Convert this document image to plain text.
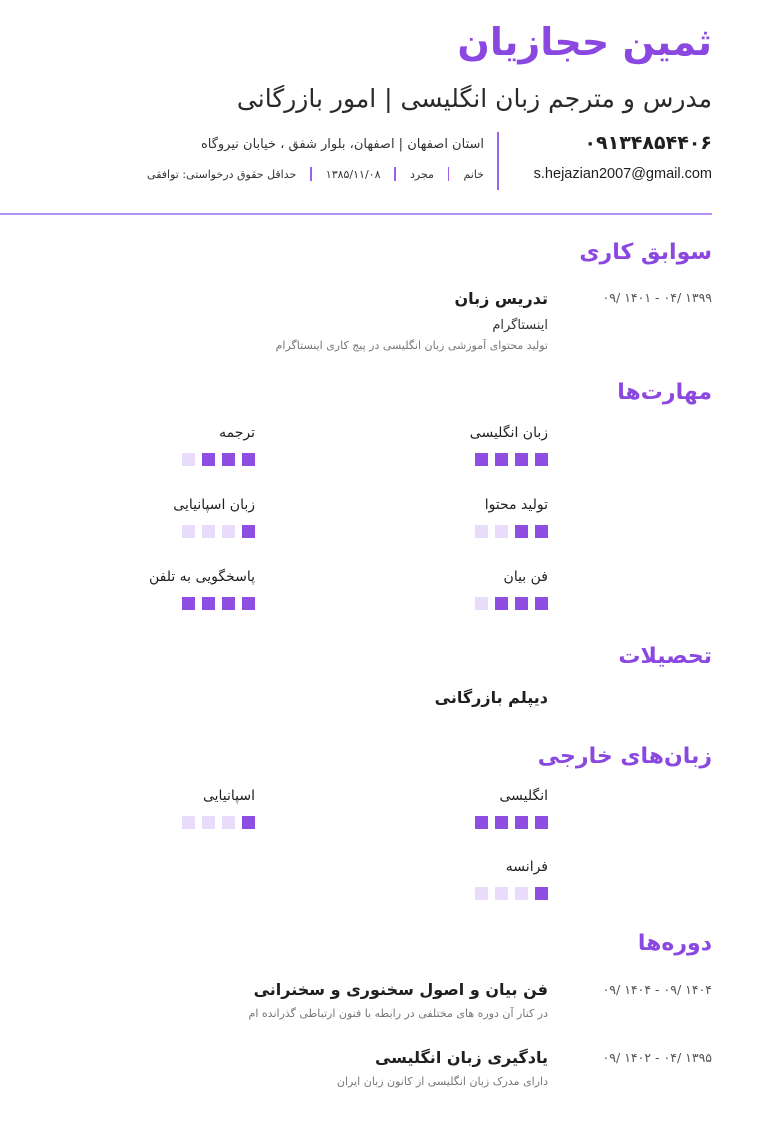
ثمین حجازیان
مدرس و مترجم زبان انگلیسی | امور بازرگانی
۰۹۱۳۴۸۵۴۴۰۶
s.hejazian2007@gmail.com
استان اصفهان | اصفهان، بلوار شفق ، خیابان نیروگاه
خانم
مجرد
۱۳۸۵/۱۱/۰۸
حداقل حقوق درخواستی: توافقی
سوابق کاری
۱۳۹۹ /۰۴ - ۱۴۰۱ /۰۹
تدریس زبان
اینستاگرام
تولید محتوای آموزشی زبان انگلیسی در پیج کاری اینستاگرام
مهارت‌ها
زبان انگلیسی
ترجمه
تولید محتوا
زبان اسپانیایی
فن بیان
پاسخگویی به تلفن
تحصیلات
دیپلم بازرگانی
زبان‌های خارجی
انگلیسی
اسپانیایی
فرانسه
دوره‌ها
۱۴۰۴ /۰۹ - ۱۴۰۴ /۰۹
فن بیان و اصول سخنوری و سخنرانی
در کنار آن دوره های مختلفی در رابطه با فنون ارتباطی گذرانده ام
۱۳۹۵ /۰۴ - ۱۴۰۲ /۰۹
یادگیری زبان انگلیسی
دارای مدرک زبان انگلیسی از کانون زبان ایران
